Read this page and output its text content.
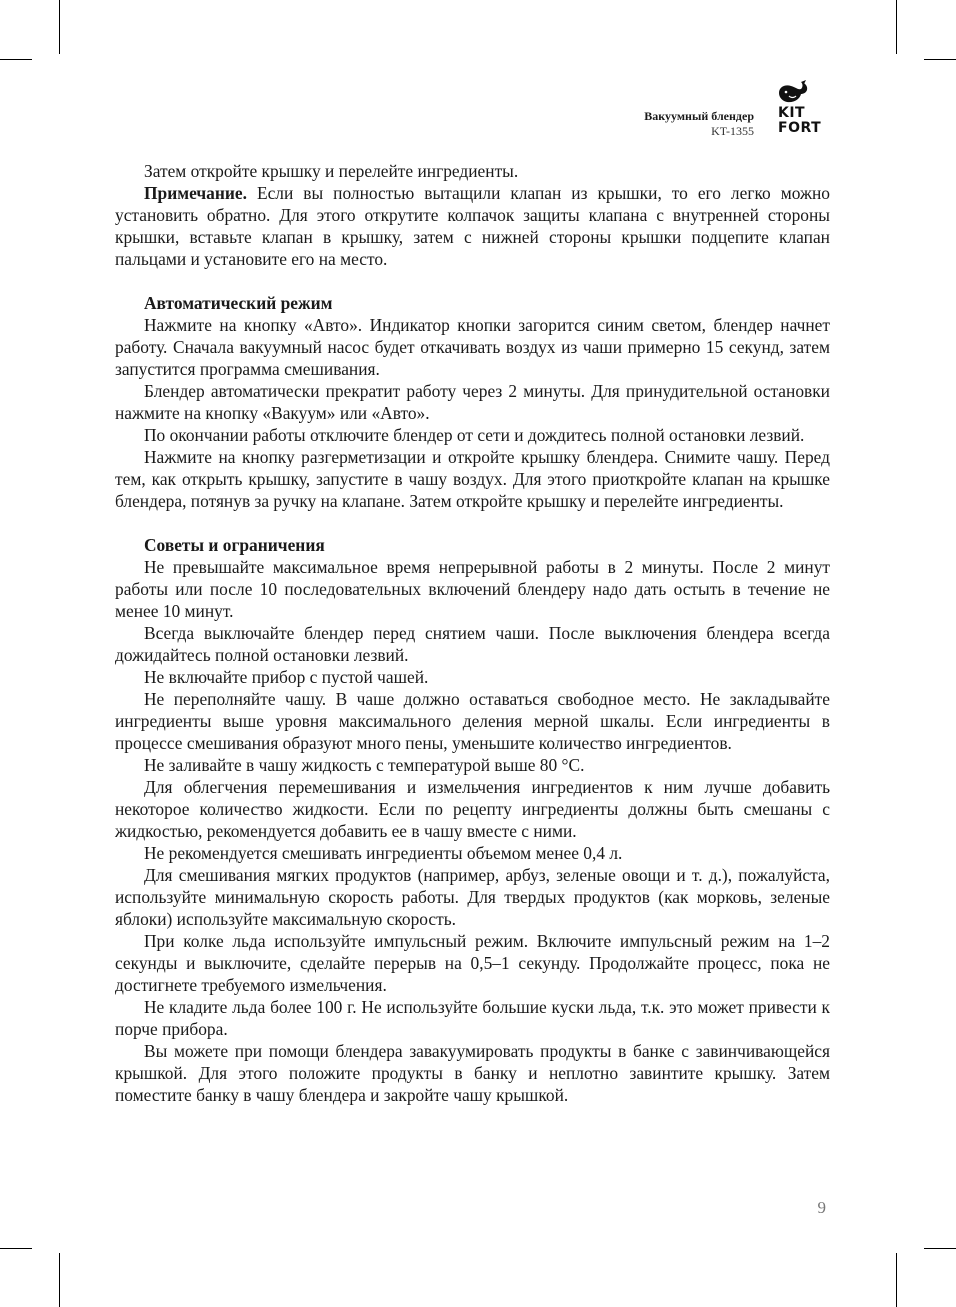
Вакуумный блендер
KT-1355
KIT
FORT

Затем откройте крышку и перелейте ингредиенты.

Примечание. Если вы полностью вытащили клапан из крышки, то его легко можно установить обратно. Для этого открутите колпачок защиты клапана с внутренней стороны крышки, вставьте клапан в крышку, затем с нижней стороны крышки подцепите клапан пальцами и установите его на место.

Автоматический режим

Нажмите на кнопку «Авто». Индикатор кнопки загорится синим светом, блендер начнет работу. Сначала вакуумный насос будет откачивать воздух из чаши примерно 15 секунд, затем запустится программа смешивания.

Блендер автоматически прекратит работу через 2 минуты. Для принудительной остановки нажмите на кнопку «Вакуум» или «Авто».

По окончании работы отключите блендер от сети и дождитесь полной остановки лезвий.

Нажмите на кнопку разгерметизации и откройте крышку блендера. Снимите чашу. Перед тем, как открыть крышку, запустите в чашу воздух. Для этого приоткройте клапан на крышке блендера, потянув за ручку на клапане. Затем откройте крышку и перелейте ингредиенты.

Советы и ограничения

Не превышайте максимальное время непрерывной работы в 2 минуты. После 2 минут работы или после 10 последовательных включений блендеру надо дать остыть в течение не менее 10 минут.

Всегда выключайте блендер перед снятием чаши. После выключения блендера всегда дожидайтесь полной остановки лезвий.

Не включайте прибор с пустой чашей.

Не переполняйте чашу. В чаше должно оставаться свободное место. Не закладывайте ингредиенты выше уровня максимального деления мерной шкалы. Если ингредиенты в процессе смешивания образуют много пены, уменьшите количество ингредиентов.

Не заливайте в чашу жидкость с температурой выше 80 °С.

Для облегчения перемешивания и измельчения ингредиентов к ним лучше добавить некоторое количество жидкости. Если по рецепту ингредиенты должны быть смешаны с жидкостью, рекомендуется добавить ее в чашу вместе с ними.

Не рекомендуется смешивать ингредиенты объемом менее 0,4 л.

Для смешивания мягких продуктов (например, арбуз, зеленые овощи и т. д.), пожалуйста, используйте минимальную скорость работы. Для твердых продуктов (как морковь, зеленые яблоки) используйте максимальную скорость.

При колке льда используйте импульсный режим. Включите импульсный режим на 1–2 секунды и выключите, сделайте перерыв на 0,5–1 секунду. Продолжайте процесс, пока не достигнете требуемого измельчения.

Не кладите льда более 100 г. Не используйте большие куски льда, т.к. это может привести к порче прибора.

Вы можете при помощи блендера завакуумировать продукты в банке с завинчивающейся крышкой. Для этого положите продукты в банку и неплотно завинтите крышку. Затем поместите банку в чашу блендера и закройте чашу крышкой.

9
